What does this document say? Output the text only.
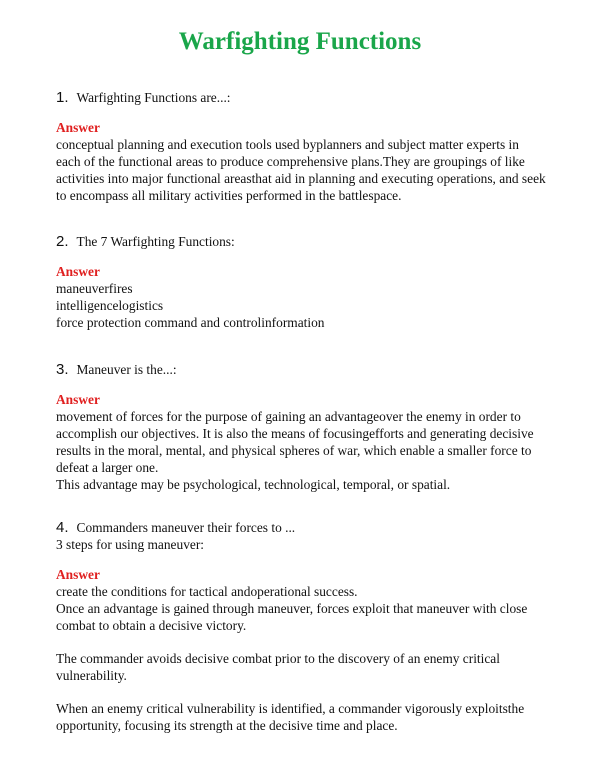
Warfighting Functions
1. Warfighting Functions are...:
Answer
conceptual planning and execution tools used byplanners and subject matter experts in
each of the functional areas to produce comprehensive plans.They are groupings of like
activities into major functional areasthat aid in planning and executing operations, and seek
to encompass all military activities performed in the battlespace.
2. The 7 Warfighting Functions:
Answer
maneuverfires
intelligencelogistics
force protection command and controlinformation
3. Maneuver is the...:
Answer
movement of forces for the purpose of gaining an advantageover the enemy in order to
accomplish our objectives. It is also the means of focusingefforts and generating decisive
results in the moral, mental, and physical spheres of war, which enable a smaller force to
defeat a larger one.
This advantage may be psychological, technological, temporal, or spatial.
4. Commanders maneuver their forces to ...
3 steps for using maneuver:
Answer
create the conditions for tactical andoperational success.
Once an advantage is gained through maneuver, forces exploit that maneuver with close
combat to obtain a decisive victory.
The commander avoids decisive combat prior to the discovery of an enemy critical
vulnerability.
When an enemy critical vulnerability is identified, a commander vigorously exploitsthe
opportunity, focusing its strength at the decisive time and place.
